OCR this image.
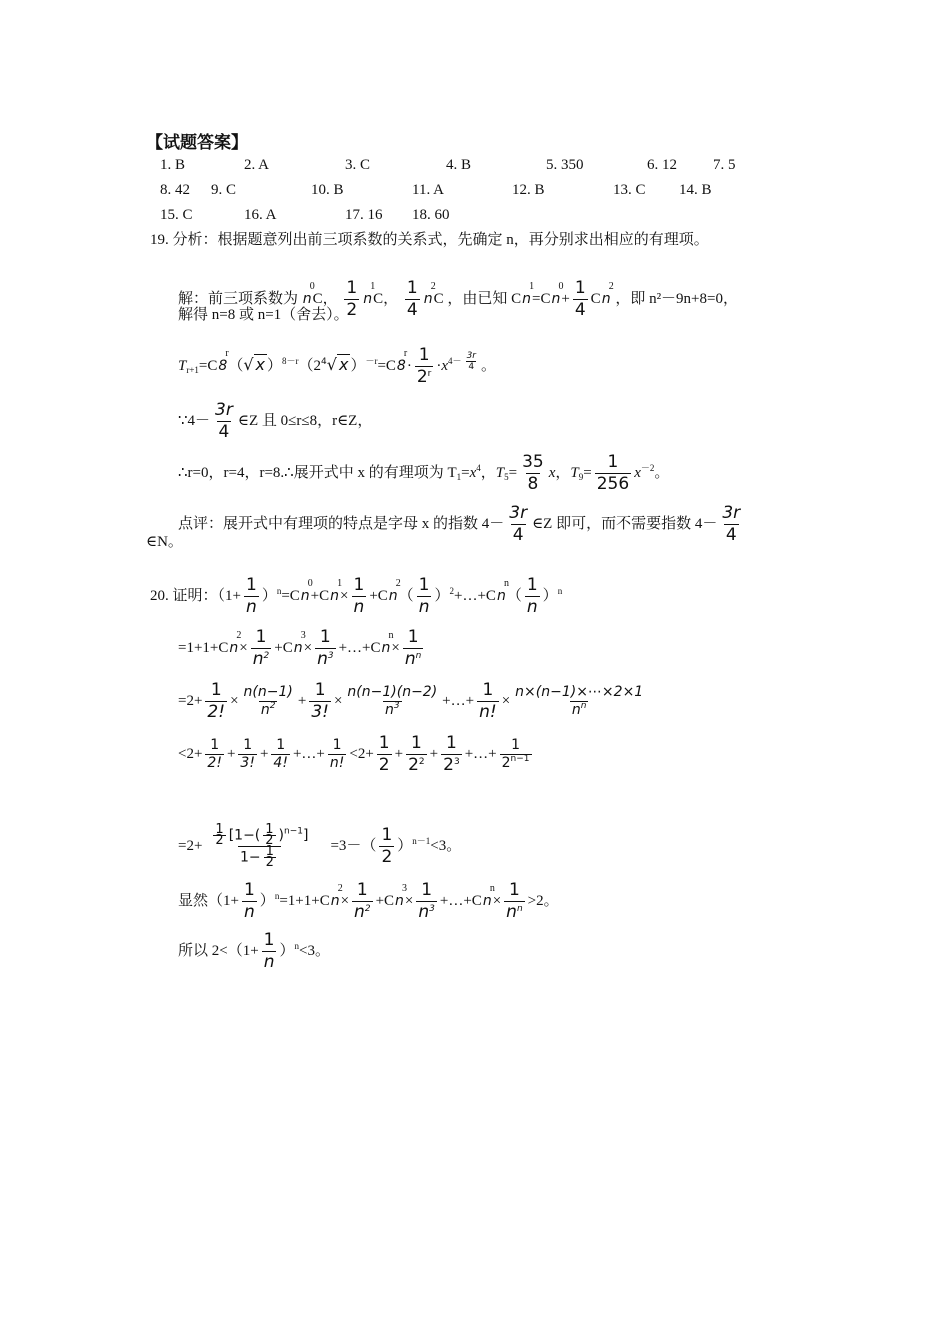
【试题答案】
1. B	2. A	3. C	4. B	5. 350	6. 12 7. 5
8. 42 9. C	10. B	11. A	12. B	13. C 14. B
15. C	16. A	17. 16 18. 60
19. 分析：根据题意列出前三项系数的关系式，先确定 n，再分别求出相应的有理项。
解：前三项系数为
0
nC， $\frac{1}{2} 1$
nC， $\frac{1}{4} 2$
nC ，由已知 C
1
n=C
0
$n+ \frac{1}{4}$ C
2
n ，即 n²－9n+8=0，
解得 n=8 或 n=1（舍去）。
$T_{r+1}=C$
r
8（√ x ）$^{8-r}(2^4√$ x ）$^{-r}$=C
r
$8\cdot \frac{1}{2^r} \cdot x^{4- \frac{3r}{4}}$ 。
∵4－ $\frac{3r}{4}$ ∈Z 且 0≤r≤8，r∈Z，
∴r=0，r=4，r=8.∴展开式中 x 的有理项为 $T_1=x^4$，$T_5= \frac{35}{8}$ x，$T_9= \frac{1}{256} x^{-2}$。
点评：展开式中有理项的特点是字母 x 的指数 $4- \frac{3r}{4}$ ∈Z 即可，而不需要指数 $4- \frac{3r}{4}$
∈N。
20. 证明：$(1+ \frac{1}{n} )^n=C$
0
n+C
1
$n\times \frac{1}{n} +C$
2
$n( \frac{1}{n}$ ）$^2+\dots+C$
n
$n( \frac{1}{n} )^n$
=1+1+C
2
$n\times \frac{1}{n^2} +C$
3
$n\times \frac{1}{n^3}$ +…+C
n
$n\times \frac{1}{n^n}$
$=2+ \frac{1}{2!} \times \frac{n(n-1)}{n^2} + \frac{1}{3!} \times \frac{n(n-1)(n-2)}{n^3}$ +…+ $\frac{1}{n!} \times \frac{n\times(n-1)\times\cdots\times 2\times 1}{n^n}$
$<2+ \frac{1}{2!} + \frac{1}{3!} + \frac{1}{4!}$ +…+ $\frac{1}{n!} <2+ \frac{1}{2} + \frac{1}{2^2} + \frac{1}{2^3}$ +…+ $\frac{1}{2^{n-1}}$
$=2+ \frac{\frac{1}{2} [1-( \frac{1}{2} )^{n-1}]}{1- \frac{1}{2}} =3-( \frac{1}{2} )^{n-1}<3$。
显然$(1+ \frac{1}{n} )^n=1+1+C$
2
$n\times \frac{1}{n^2} +C$
3
$n\times \frac{1}{n^3}$ +…+C
n
$n\times \frac{1}{n^n} >2$。
所以 $2<(1+ \frac{1}{n} )^n<3$。
